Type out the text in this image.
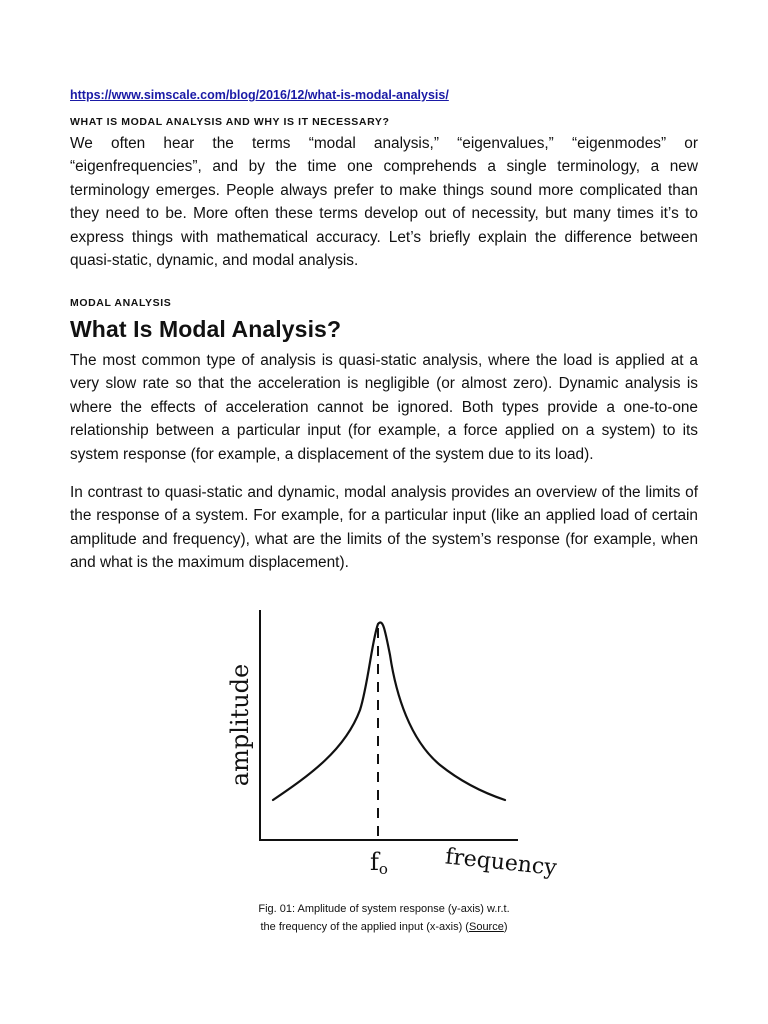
https://www.simscale.com/blog/2016/12/what-is-modal-analysis/
WHAT IS MODAL ANALYSIS AND WHY IS IT NECESSARY?

We often hear the terms “modal analysis,” “eigenvalues,” “eigenmodes” or “eigenfrequencies”, and by the time one comprehends a single terminology, a new terminology emerges. People always prefer to make things sound more complicated than they need to be. More often these terms develop out of necessity, but many times it’s to express things with mathematical accuracy. Let’s briefly explain the difference between quasi-static, dynamic, and modal analysis.

MODAL ANALYSIS
What Is Modal Analysis?

The most common type of analysis is quasi-static analysis, where the load is applied at a very slow rate so that the acceleration is negligible (or almost zero). Dynamic analysis is where the effects of acceleration cannot be ignored. Both types provide a one-to-one relationship between a particular input (for example, a force applied on a system) to its system response (for example, a displacement of the system due to its load).

In contrast to quasi-static and dynamic, modal analysis provides an overview of the limits of the response of a system. For example, for a particular input (like an applied load of certain amplitude and frequency), what are the limits of the system’s response (for example, when and what is the maximum displacement).

amplitude
fo	frequency
Fig. 01: Amplitude of system response (y-axis) w.r.t.
the frequency of the applied input (x-axis) (Source)
